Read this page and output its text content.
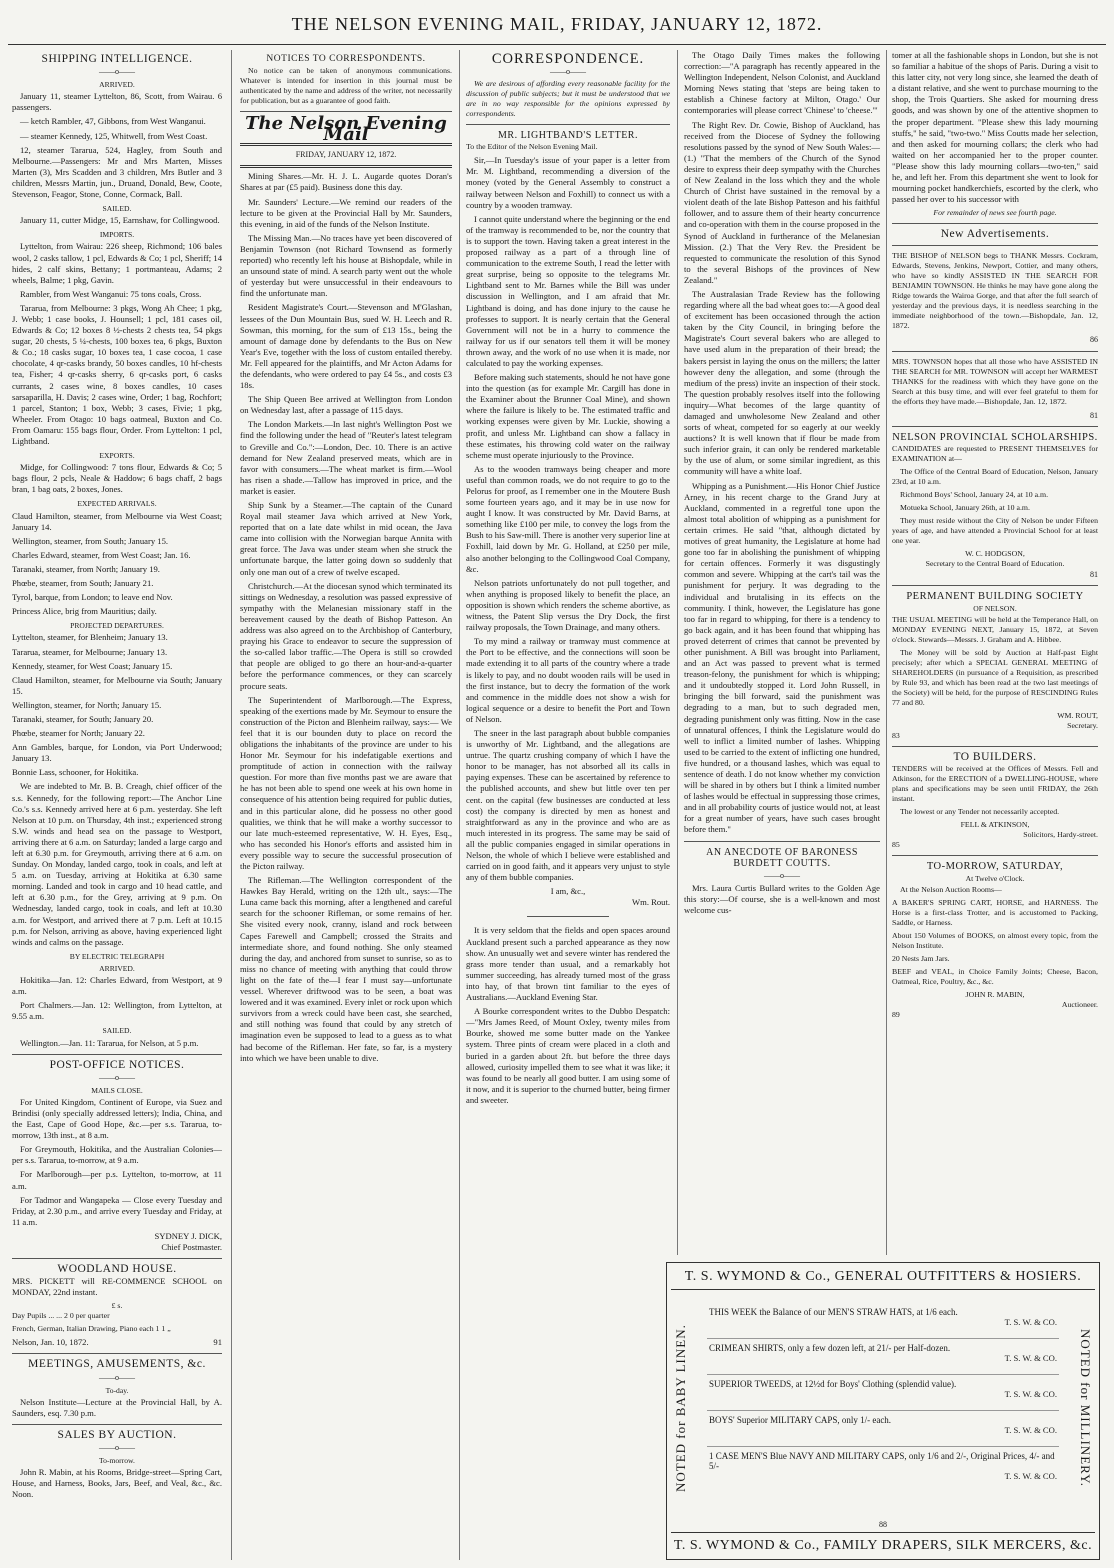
THE NELSON EVENING MAIL, FRIDAY, JANUARY 12, 1872.
SHIPPING INTELLIGENCE.
——o——
ARRIVED.

January 11, steamer Lyttelton, 86, Scott, from Wairau. 6 passengers.

— ketch Rambler, 47, Gibbons, from West Wanganui.

— steamer Kennedy, 125, Whitwell, from West Coast.

12, steamer Tararua, 524, Hagley, from South and Melbourne.—Passengers: Mr and Mrs Marten, Misses Marten (3), Mrs Scadden and 3 children, Mrs Butler and 3 children, Messrs Martin, jun., Druand, Donald, Bew, Coote, Stevenson, Feagor, Stone, Conne, Cormack, Ball.

SAILED.

January 11, cutter Midge, 15, Earnshaw, for Collingwood.

IMPORTS.

Lyttelton, from Wairau: 226 sheep, Richmond; 106 bales wool, 2 casks tallow, 1 pcl, Edwards & Co; 1 pcl, Sheriff; 14 hides, 2 calf skins, Bettany; 1 portmanteau, Adams; 2 wheels, Balme; 1 pkg, Gavin.

Rambler, from West Wanganui: 75 tons coals, Cross.

Tararua, from Melbourne: 3 pkgs, Wong Ah Chee; 1 pkg, J. Webb; 1 case books, J. Hounsell; 1 pcl, 181 cases oil, Edwards & Co; 12 boxes 8 ½-chests 2 chests tea, 54 pkgs sugar, 20 chests, 5 ¼-chests, 100 boxes tea, 6 pkgs, Buxton & Co.; 18 casks sugar, 10 boxes tea, 1 case cocoa, 1 case chocolate, 4 qr-casks brandy, 50 boxes candles, 10 hf-chests tea, Fisher; 4 qr-casks sherry, 6 qr-casks port, 6 casks currants, 2 cases wine, 8 boxes candles, 10 cases sarsaparilla, H. Davis; 2 cases wine, Order; 1 bag, Rochfort; 1 parcel, Stanton; 1 box, Webb; 3 cases, Fivie; 1 pkg, Wheeler. From Otago: 10 bags oatmeal, Buxton and Co. From Oamaru: 155 bags flour, Order. From Lyttelton: 1 pcl, Lightband.

EXPORTS.

Midge, for Collingwood: 7 tons flour, Edwards & Co; 5 bags flour, 2 pcls, Neale & Haddow; 6 bags chaff, 2 bags bran, 1 bag oats, 2 boxes, Jones.

EXPECTED ARRIVALS.

Claud Hamilton, steamer, from Melbourne via West Coast; January 14.

Wellington, steamer, from South; January 15.

Charles Edward, steamer, from West Coast; Jan. 16.

Taranaki, steamer, from North; January 19.

Phœbe, steamer, from South; January 21.

Tyrol, barque, from London; to leave end Nov.

Princess Alice, brig from Mauritius; daily.

PROJECTED DEPARTURES.

Lyttelton, steamer, for Blenheim; January 13.

Tararua, steamer, for Melbourne; January 13.

Kennedy, steamer, for West Coast; January 15.

Claud Hamilton, steamer, for Melbourne via South; January 15.

Wellington, steamer, for North; January 15.

Taranaki, steamer, for South; January 20.

Phœbe, steamer for North; January 22.

Ann Gambles, barque, for London, via Port Underwood; January 13.

Bonnie Lass, schooner, for Hokitika.

We are indebted to Mr. B. B. Creagh, chief officer of the s.s. Kennedy, for the following report:—The Anchor Line Co.'s s.s. Kennedy arrived here at 6 p.m. yesterday. She left Nelson at 10 p.m. on Thursday, 4th inst.; experienced strong S.W. winds and head sea on the passage to Westport, arriving there at 6 a.m. on Saturday; landed a large cargo and left at 6.30 p.m. for Greymouth, arriving there at 6 a.m. on Sunday. On Monday, landed cargo, took in coals, and left at 5 a.m. on Tuesday, arriving at Hokitika at 6.30 same morning. Landed and took in cargo and 10 head cattle, and left at 6.30 p.m., for the Grey, arriving at 9 p.m. On Wednesday, landed cargo, took in coals, and left at 10.30 a.m. for Westport, and arrived there at 7 p.m. Left at 10.15 p.m. for Nelson, arriving as above, having experienced light winds and calms on the passage.

BY ELECTRIC TELEGRAPH
ARRIVED.

Hokitika—Jan. 12: Charles Edward, from Westport, at 9 a.m.

Port Chalmers.—Jan. 12: Wellington, from Lyttelton, at 9.55 a.m.

SAILED.

Wellington.—Jan. 11: Tararua, for Nelson, at 5 p.m.

POST-OFFICE NOTICES.
——o——
MAILS CLOSE.

For United Kingdom, Continent of Europe, via Suez and Brindisi (only specially addressed letters); India, China, and the East, Cape of Good Hope, &c.—per s.s. Tararua, to-morrow, 13th inst., at 8 a.m.

For Greymouth, Hokitika, and the Australian Colonies—per s.s. Tararua, to-morrow, at 9 a.m.

For Marlborough—per p.s. Lyttelton, to-morrow, at 11 a.m.

For Tadmor and Wangapeka — Close every Tuesday and Friday, at 2.30 p.m., and arrive every Tuesday and Friday, at 11 a.m.

SYDNEY J. DICK,
Chief Postmaster.
WOODLAND HOUSE.

MRS. PICKETT will RE-COMMENCE SCHOOL on MONDAY, 22nd instant.

£ s.

Day Pupils ... ... 2 0 per quarter

French, German, Italian Drawing, Piano each 1 1 „

Nelson, Jan. 10, 1872.	91

MEETINGS, AMUSEMENTS, &c.
——o——
To-day.

Nelson Institute—Lecture at the Provincial Hall, by A. Saunders, esq. 7.30 p.m.

SALES BY AUCTION.
——o——
To-morrow.

John R. Mabin, at his Rooms, Bridge-street—Spring Cart, House, and Harness, Books, Jars, Beef, and Veal, &c., &c. Noon.

NOTICES TO CORRESPONDENTS.

No notice can be taken of anonymous communications. Whatever is intended for insertion in this journal must be authenticated by the name and address of the writer, not necessarily for publication, but as a guarantee of good faith.

The Nelson Evening Mail
FRIDAY, JANUARY 12, 1872.

Mining Shares.—Mr. H. J. L. Augarde quotes Doran's Shares at par (£5 paid). Business done this day.

Mr. Saunders' Lecture.—We remind our readers of the lecture to be given at the Provincial Hall by Mr. Saunders, this evening, in aid of the funds of the Nelson Institute.

The Missing Man.—No traces have yet been discovered of Benjamin Townson (not Richard Townsend as formerly reported) who recently left his house at Bishopdale, while in an unsound state of mind. A search party went out the whole of yesterday but were unsuccessful in their endeavours to find the unfortunate man.

Resident Magistrate's Court.—Stevenson and M'Glashan, lessees of the Dun Mountain Bus, sued W. H. Leech and R. Sowman, this morning, for the sum of £13 15s., being the amount of damage done by defendants to the Bus on New Year's Eve, together with the loss of custom entailed thereby. Mr. Fell appeared for the plaintiffs, and Mr Acton Adams for the defendants, who were ordered to pay £4 5s., and costs £3 18s.

The Ship Queen Bee arrived at Wellington from London on Wednesday last, after a passage of 115 days.

The London Markets.—In last night's Wellington Post we find the following under the head of "Reuter's latest telegram to Greville and Co.":—London, Dec. 10. There is an active demand for New Zealand preserved meats, which are in favor with consumers.—The wheat market is firm.—Wool has risen a shade.—Tallow has improved in price, and the market is easier.

Ship Sunk by a Steamer.—The captain of the Cunard Royal mail steamer Java which arrived at New York, reported that on a late date whilst in mid ocean, the Java came into collision with the Norwegian barque Annita with great force. The Java was under steam when she struck the unfortunate barque, the latter going down so suddenly that only one man out of a crew of twelve escaped.

Christchurch.—At the diocesan synod which terminated its sittings on Wednesday, a resolution was passed expressive of sympathy with the Melanesian missionary staff in the bereavement caused by the death of Bishop Patteson. An address was also agreed on to the Archbishop of Canterbury, praying his Grace to endeavor to secure the suppression of the so-called labor traffic.—The Opera is still so crowded that people are obliged to go there an hour-and-a-quarter before the performance commences, or they can scarcely procure seats.

The Superintendent of Marlborough.—The Express, speaking of the exertions made by Mr. Seymour to ensure the construction of the Picton and Blenheim railway, says:— We feel that it is our bounden duty to place on record the obligations the inhabitants of the province are under to his Honor Mr. Seymour for his indefatigable exertions and promptitude of action in connection with the railway question. For more than five months past we are aware that he has not been able to spend one week at his own home in consequence of his attention being required for public duties, and in this particular alone, did he possess no other good qualities, we think that he will make a worthy successor to our late much-esteemed representative, W. H. Eyes, Esq., who has seconded his Honor's efforts and assisted him in every possible way to secure the successful prosecution of the Picton railway.

The Rifleman.—The Wellington correspondent of the Hawkes Bay Herald, writing on the 12th ult., says:—The Luna came back this morning, after a lengthened and careful search for the schooner Rifleman, or some remains of her. She visited every nook, cranny, island and rock between Capes Farewell and Campbell; crossed the Straits and intermediate shore, and found nothing. She only steamed during the day, and anchored from sunset to sunrise, so as to miss no chance of meeting with anything that could throw light on the fate of the—I fear I must say—unfortunate vessel. Wherever driftwood was to be seen, a boat was lowered and it was examined. Every inlet or rock upon which survivors from a wreck could have been cast, she searched, and still nothing was found that could by any stretch of imagination even be supposed to lead to a guess as to what had become of the Rifleman. Her fate, so far, is a mystery into which we have been unable to dive.

CORRESPONDENCE.
——o——

We are desirous of affording every reasonable facility for the discussion of public subjects; but it must be understood that we are in no way responsible for the opinions expressed by correspondents.

MR. LIGHTBAND'S LETTER.

To the Editor of the Nelson Evening Mail.

Sir,—In Tuesday's issue of your paper is a letter from Mr. M. Lightband, recommending a diversion of the money (voted by the General Assembly to construct a railway between Nelson and Foxhill) to connect us with a country by a wooden tramway.

I cannot quite understand where the beginning or the end of the tramway is recommended to be, nor the country that is to support the town. Having taken a great interest in the proposed railway as a part of a through line of communication to the extreme South, I read the letter with great surprise, being so opposite to the telegrams Mr. Lightband sent to Mr. Barnes while the Bill was under discussion in Wellington, and I am afraid that Mr. Lightband is doing, and has done injury to the cause he professes to support. It is nearly certain that the General Government will not be in a hurry to commence the railway for us if our senators tell them it will be money thrown away, and the work of no use when it is made, nor calculated to pay the working expenses.

Before making such statements, should he not have gone into the question (as for example Mr. Cargill has done in the Examiner about the Brunner Coal Mine), and shown where the failure is likely to be. The estimated traffic and working expenses were given by Mr. Luckie, showing a profit, and unless Mr. Lightband can show a fallacy in these estimates, his throwing cold water on the railway scheme must operate injuriously to the Province.

As to the wooden tramways being cheaper and more useful than common roads, we do not require to go to the Pelorus for proof, as I remember one in the Moutere Bush some fourteen years ago, and it may be in use now for aught I know. It was constructed by Mr. David Barns, at something like £100 per mile, to convey the logs from the Bush to his Saw-mill. There is another very superior line at Foxhill, laid down by Mr. G. Holland, at £250 per mile, also another belonging to the Collingwood Coal Company, &c.

Nelson patriots unfortunately do not pull together, and when anything is proposed likely to benefit the place, an opposition is shown which renders the scheme abortive, as witness, the Patent Slip versus the Dry Dock, the first railway proposals, the Town Drainage, and many others.

To my mind a railway or tramway must commence at the Port to be effective, and the connections will soon be made extending it to all parts of the country where a trade is likely to pay, and no doubt wooden rails will be used in the first instance, but to decry the formation of the work and commence in the middle does not show a wish for logical sequence or a desire to benefit the Port and Town of Nelson.

The sneer in the last paragraph about bubble companies is unworthy of Mr. Lightband, and the allegations are untrue. The quartz crushing company of which I have the honor to be manager, has not absorbed all its calls in paying expenses. These can be ascertained by reference to the published accounts, and shew but little over ten per cent. on the capital (few businesses are conducted at less cost) the company is directed by men as honest and straightforward as any in the province and who are as much interested in its progress. The same may be said of all the public companies engaged in similar operations in Nelson, the whole of which I believe were established and carried on in good faith, and it appears very unjust to style any of them bubble companies.

I am, &c.,
Wm. Rout.

It is very seldom that the fields and open spaces around Auckland present such a parched appearance as they now show. An unusually wet and severe winter has rendered the grass more tender than usual, and a remarkably hot summer succeeding, has already turned most of the grass into hay, of that brown tint familiar to the eyes of Australians.—Auckland Evening Star.

A Bourke correspondent writes to the Dubbo Despatch:—"Mrs James Reed, of Mount Oxley, twenty miles from Bourke, showed me some butter made on the Yankee system. Three pints of cream were placed in a cloth and buried in a garden about 2ft. but before the three days allowed, curiosity impelled them to see what it was like; it was found to be nearly all good butter. I am using some of it now, and it is superior to the churned butter, being firmer and sweeter.

The Otago Daily Times makes the following correction:—"A paragraph has recently appeared in the Wellington Independent, Nelson Colonist, and Auckland Morning News stating that 'steps are being taken to establish a Chinese factory at Milton, Otago.' Our contemporaries will please correct 'Chinese' to 'cheese.'"

The Right Rev. Dr. Cowie, Bishop of Auckland, has received from the Diocese of Sydney the following resolutions passed by the synod of New South Wales:—(1.) "That the members of the Church of the Synod desire to express their deep sympathy with the Churches of New Zealand in the loss which they and the whole Church of Christ have sustained in the removal by a violent death of the late Bishop Patteson and his faithful follower, and to assure them of their hearty concurrence and co-operation with them in the course proposed in the Synod of Auckland in furtherance of the Melanesian Mission. (2.) That the Very Rev. the President be requested to communicate the resolution of this Synod to the several Bishops of the provinces of New Zealand."

The Australasian Trade Review has the following regarding where all the bad wheat goes to:—A good deal of excitement has been occasioned through the action taken by the City Council, in bringing before the Magistrate's Court several bakers who are alleged to have used alum in the preparation of their bread; the bakers persist in laying the onus on the millers; the latter however deny the allegation, and some (through the medium of the press) invite an inspection of their stock. The question probably resolves itself into the following inquiry—What becomes of the large quantity of damaged and unwholesome New Zealand and other sorts of wheat, competed for so eagerly at our weekly auctions? It is well known that if flour be made from such inferior grain, it can only be rendered marketable by the use of alum, or some similar ingredient, as this community will have a white loaf.

Whipping as a Punishment.—His Honor Chief Justice Arney, in his recent charge to the Grand Jury at Auckland, commented in a regretful tone upon the almost total abolition of whipping as a punishment for certain crimes. He said "that, although dictated by motives of great humanity, the Legislature at home had gone too far in abolishing the punishment of whipping for certain offences. Formerly it was disgustingly common and severe. Whipping at the cart's tail was the punishment for perjury. It was degrading to the individual and brutalising in its effects on the community. I think, however, the Legislature has gone too far in regard to whipping, for there is a tendency to go back again, and it has been found that whipping has proved deterrent of crimes that cannot be prevented by other punishment. A Bill was brought into Parliament, and an Act was passed to prevent what is termed treason-felony, the punishment for which is whipping; and it undoubtedly stopped it. Lord John Russell, in bringing the bill forward, said the punishment was degrading to a man, but to such degraded men, degrading punishment only was fitting. Now in the case of unnatural offences, I think the Legislature would do well to inflict a limited number of lashes. Whipping used to be carried to the extent of inflicting one hundred, five hundred, or a thousand lashes, which was equal to sentence of death. I do not know whether my conviction will be shared in by others but I think a limited number of lashes would be effectual in suppressing those crimes, and in all probability courts of justice would not, at least for a great number of years, have such cases brought before them."

AN ANECDOTE OF BARONESS BURDETT COUTTS.
——o——

Mrs. Laura Curtis Bullard writes to the Golden Age this story:—Of course, she is a well-known and most welcome cus-

tomer at all the fashionable shops in London, but she is not so familiar a habitue of the shops of Paris. During a visit to this latter city, not very long since, she learned the death of a distant relative, and she went to purchase mourning to the shop, the Trois Quartiers. She asked for mourning dress goods, and was shown by one of the attentive shopmen to the proper department. "Please shew this lady mourning stuffs," he said, "two-two." Miss Coutts made her selection, and then asked for mourning collars; the clerk who had waited on her accompanied her to the proper counter. "Please show this lady mourning collars—two-ten," said he, and left her. From this department she went to look for mourning pocket handkerchiefs, escorted by the clerk, who passed her over to his successor with

For remainder of news see fourth page.
New Advertisements.

THE BISHOP of NELSON begs to THANK Messrs. Cockram, Edwards, Stevens, Jenkins, Newport, Cottier, and many others, who have so kindly ASSISTED IN THE SEARCH FOR BENJAMIN TOWNSON. He thinks he may have gone along the Ridge towards the Wairoa Gorge, and that after the full search of yesterday and the previous days, it is needless searching in the immediate neighborhood of the town.—Bishopdale, Jan. 12, 1872.

86

MRS. TOWNSON hopes that all those who have ASSISTED IN THE SEARCH for MR. TOWNSON will accept her WARMEST THANKS for the readiness with which they have gone on the Search at this busy time, and will ever feel grateful to them for the efforts they have made.—Bishopdale, Jan. 12, 1872.

81
NELSON PROVINCIAL SCHOLARSHIPS.

CANDIDATES are requested to PRESENT THEMSELVES for EXAMINATION at—

The Office of the Central Board of Education, Nelson, January 23rd, at 10 a.m.

Richmond Boys' School, January 24, at 10 a.m.

Motueka School, January 26th, at 10 a.m.

They must reside without the City of Nelson be under Fifteen years of age, and have attended a Provincial School for at least one year.

W. C. HODGSON,
Secretary to the Central Board of Education.
81
PERMANENT BUILDING SOCIETY
OF NELSON.

THE USUAL MEETING will be held at the Temperance Hall, on MONDAY EVENING NEXT, January 15, 1872, at Seven o'clock. Stewards—Messrs. J. Graham and A. Hibbee.

The Money will be sold by Auction at Half-past Eight precisely; after which a SPECIAL GENERAL MEETING of SHAREHOLDERS (in pursuance of a Requisition, as prescribed by Rule 93, and which has been read at the two last meetings of the Society) will be held, for the purpose of RESCINDING Rules 77 and 80.

WM. ROUT,
Secretary.
83
TO BUILDERS.

TENDERS will be received at the Offices of Messrs. Fell and Atkinson, for the ERECTION of a DWELLING-HOUSE, where plans and specifications may be seen until FRIDAY, the 26th instant.

The lowest or any Tender not necessarily accepted.

FELL & ATKINSON,
Solicitors, Hardy-street.
85
TO-MORROW, SATURDAY,
At Twelve o'Clock.

At the Nelson Auction Rooms—

A BAKER'S SPRING CART, HORSE, and HARNESS. The Horse is a first-class Trotter, and is accustomed to Packing, Saddle, or Harness.

About 150 Volumes of BOOKS, on almost every topic, from the Nelson Institute.

20 Nests Jam Jars.

BEEF and VEAL, in Choice Family Joints; Cheese, Bacon, Oatmeal, Rice, Poultry, &c., &c.

JOHN R. MABIN,
Auctioneer.
89
T. S. WYMOND & Co., GENERAL OUTFITTERS & HOSIERS.
NOTED for BABY LINEN.	NOTED for MILLINERY.
THIS WEEK the Balance of our MEN'S STRAW HATS, at 1/6 each.
T. S. W. & CO.
CRIMEAN SHIRTS, only a few dozen left, at 21/- per Half-dozen.
T. S. W. & CO.
SUPERIOR TWEEDS, at 12½d for Boys' Clothing (splendid value).
T. S. W. & CO.
BOYS' Superior MILITARY CAPS, only 1/- each.
T. S. W. & CO.
1 CASE MEN'S Blue NAVY AND MILITARY CAPS, only 1/6 and 2/-, Original Prices, 4/- and 5/-
T. S. W. & CO.
88
T. S. WYMOND & Co., FAMILY DRAPERS, SILK MERCERS, &c.
